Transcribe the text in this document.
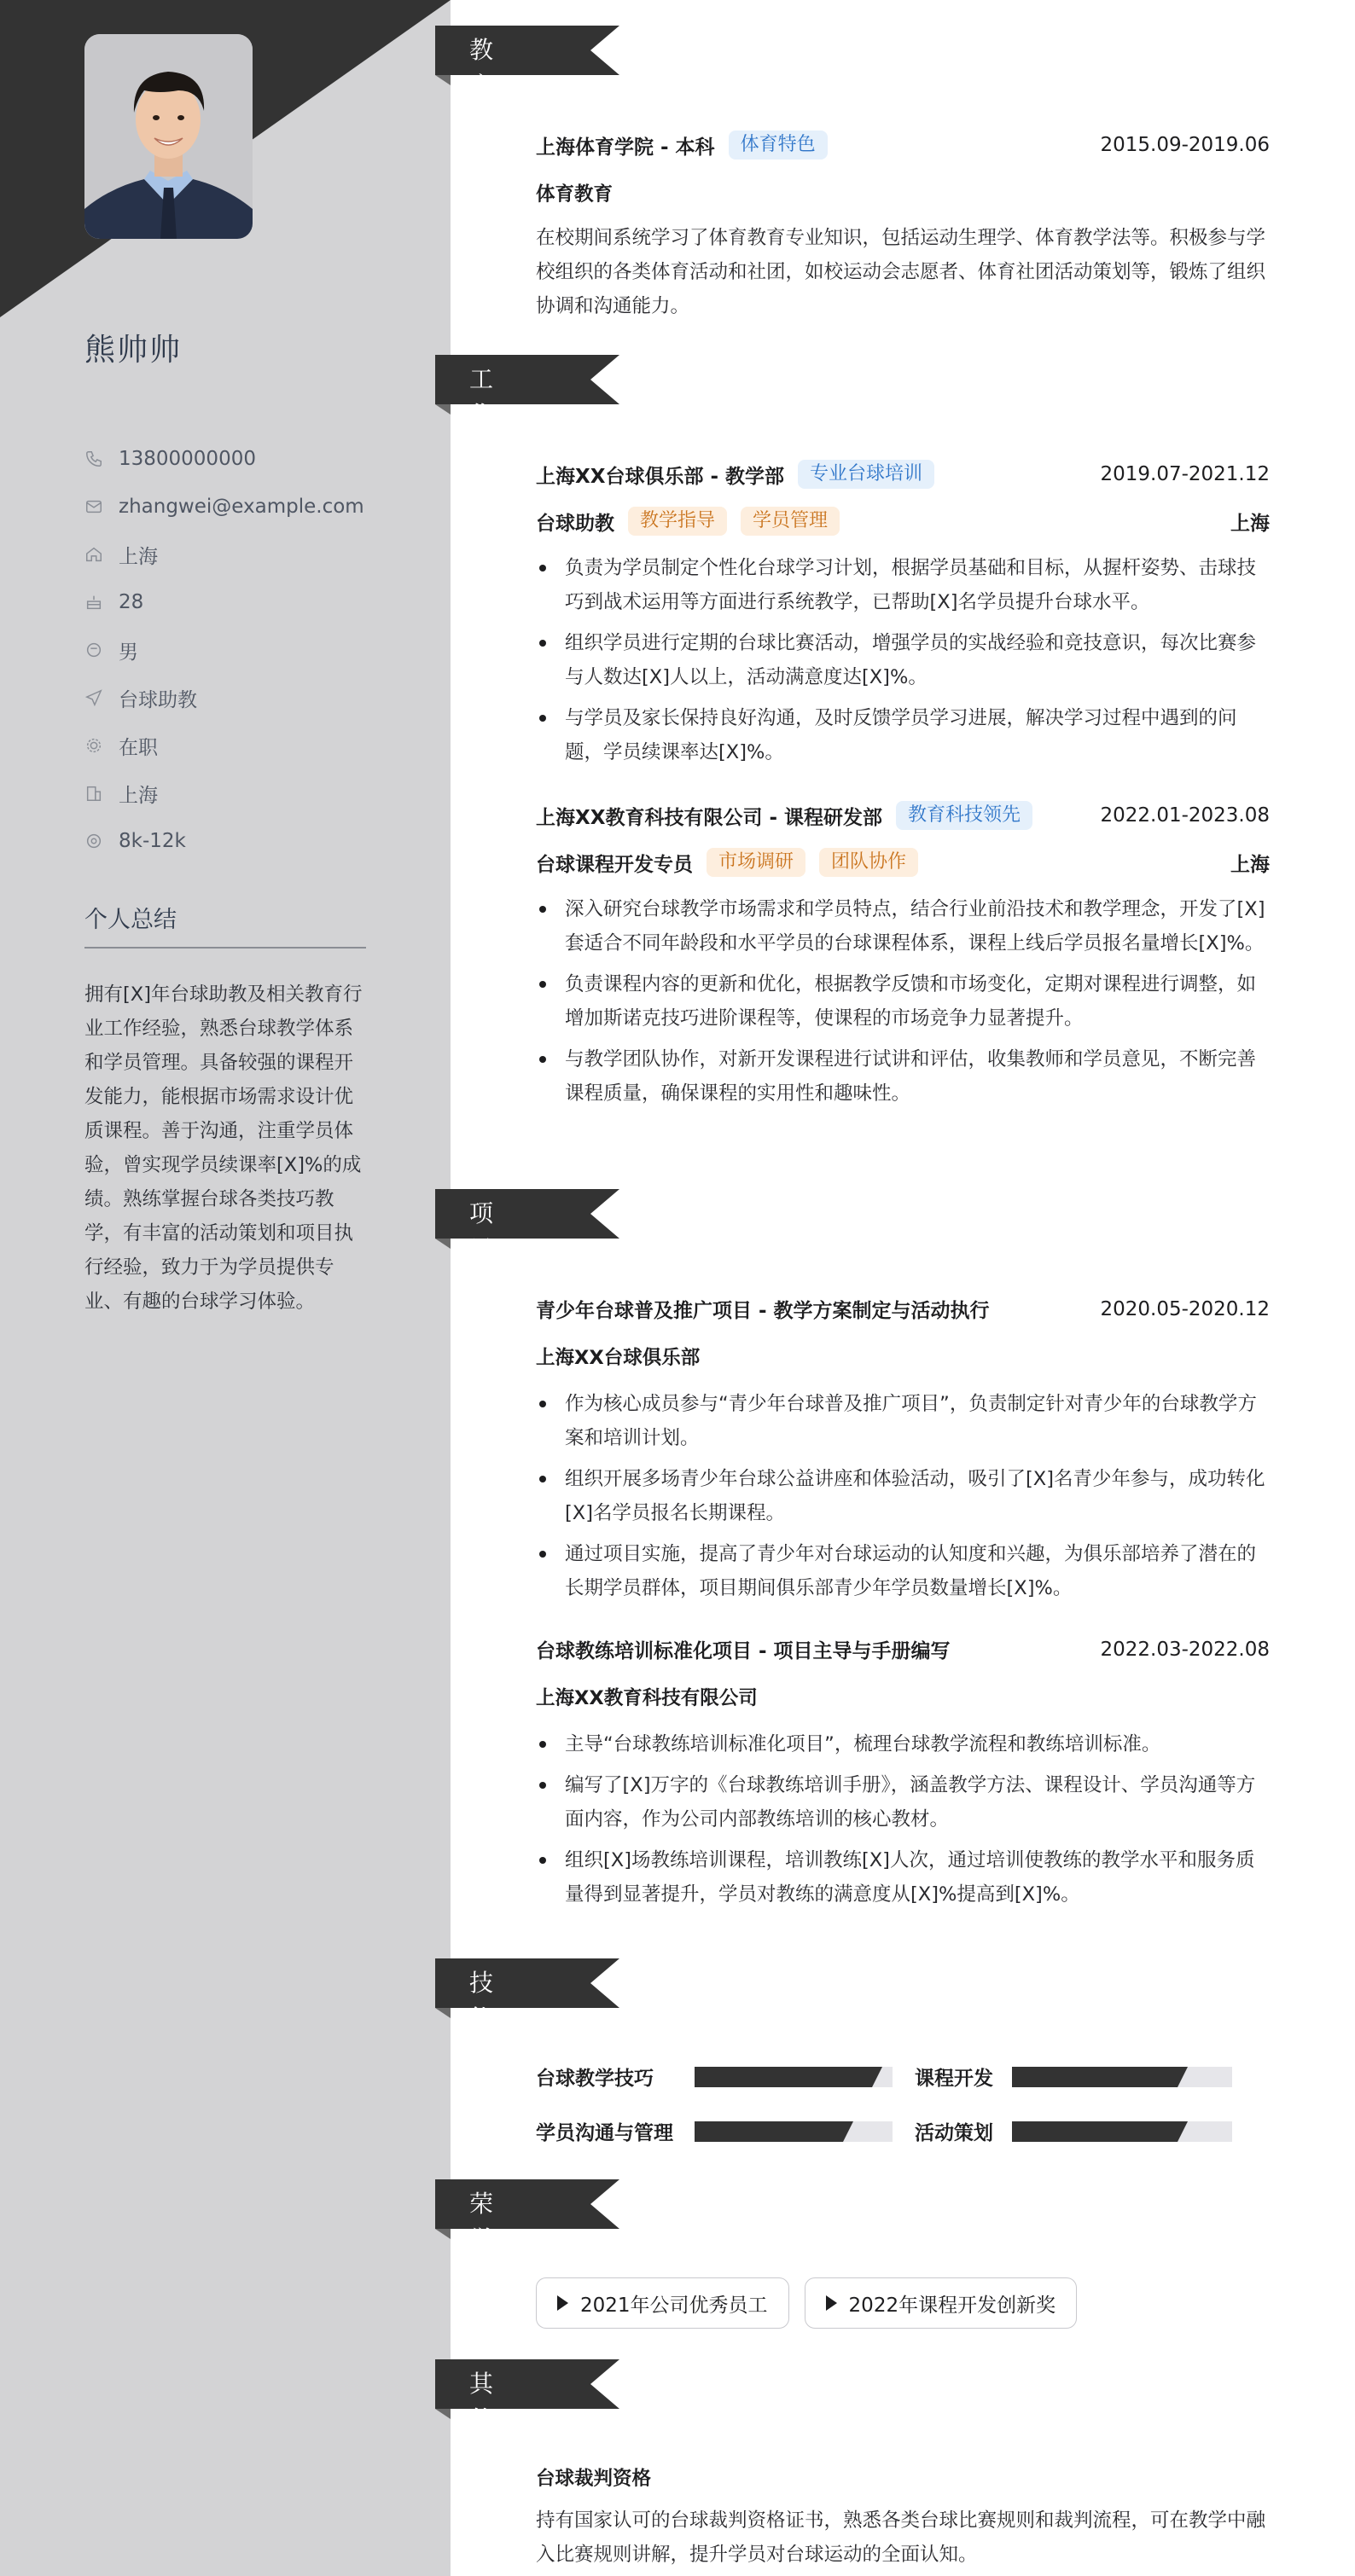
熊帅帅
13800000000
zhangwei@example.com
上海
28
男
台球助教
在职
上海
8k-12k
个人总结
拥有[X]年台球助教及相关教育行业工作经验，熟悉台球教学体系和学员管理。具备较强的课程开发能力，能根据市场需求设计优质课程。善于沟通，注重学员体验，曾实现学员续课率[X]%的成绩。熟练掌握台球各类技巧教学，有丰富的活动策划和项目执行经验，致力于为学员提供专业、有趣的台球学习体验。
教育经历 上海体育学院 - 本科	体育特色	2015.09-2019.06
体育教育
在校期间系统学习了体育教育专业知识，包括运动生理学、体育教学法等。积极参与学校组织的各类体育活动和社团，如校运动会志愿者、体育社团活动策划等，锻炼了组织协调和沟通能力。
工作经历 上海XX台球俱乐部 - 教学部	专业台球培训	2019.07-2021.12
台球助教	教学指导	学员管理	上海
负责为学员制定个性化台球学习计划，根据学员基础和目标，从握杆姿势、击球技巧到战术运用等方面进行系统教学，已帮助[X]名学员提升台球水平。
组织学员进行定期的台球比赛活动，增强学员的实战经验和竞技意识，每次比赛参与人数达[X]人以上，活动满意度达[X]%。
与学员及家长保持良好沟通，及时反馈学员学习进展，解决学习过程中遇到的问题，学员续课率达[X]%。
上海XX教育科技有限公司 - 课程研发部	教育科技领先	2022.01-2023.08
台球课程开发专员	市场调研	团队协作	上海
深入研究台球教学市场需求和学员特点，结合行业前沿技术和教学理念，开发了[X]套适合不同年龄段和水平学员的台球课程体系，课程上线后学员报名量增长[X]%。
负责课程内容的更新和优化，根据教学反馈和市场变化，定期对课程进行调整，如增加斯诺克技巧进阶课程等，使课程的市场竞争力显著提升。
与教学团队协作，对新开发课程进行试讲和评估，收集教师和学员意见，不断完善课程质量，确保课程的实用性和趣味性。
项目经历 青少年台球普及推广项目 - 教学方案制定与活动执行	2020.05-2020.12
上海XX台球俱乐部
作为核心成员参与“青少年台球普及推广项目”，负责制定针对青少年的台球教学方案和培训计划。
组织开展多场青少年台球公益讲座和体验活动，吸引了[X]名青少年参与，成功转化[X]名学员报名长期课程。
通过项目实施，提高了青少年对台球运动的认知度和兴趣，为俱乐部培养了潜在的长期学员群体，项目期间俱乐部青少年学员数量增长[X]%。
台球教练培训标准化项目 - 项目主导与手册编写	2022.03-2022.08
上海XX教育科技有限公司
主导“台球教练培训标准化项目”，梳理台球教学流程和教练培训标准。
编写了[X]万字的《台球教练培训手册》，涵盖教学方法、课程设计、学员沟通等方面内容，作为公司内部教练培训的核心教材。
组织[X]场教练培训课程，培训教练[X]人次，通过培训使教练的教学水平和服务质量得到显著提升，学员对教练的满意度从[X]%提高到[X]%。
技能专长 台球教学技巧	课程开发
学员沟通与管理	活动策划
荣誉奖项	2021年公司优秀员工	2022年课程开发创新奖
其他信息 台球裁判资格
持有国家认可的台球裁判资格证书，熟悉各类台球比赛规则和裁判流程，可在教学中融入比赛规则讲解，提升学员对台球运动的全面认知。
